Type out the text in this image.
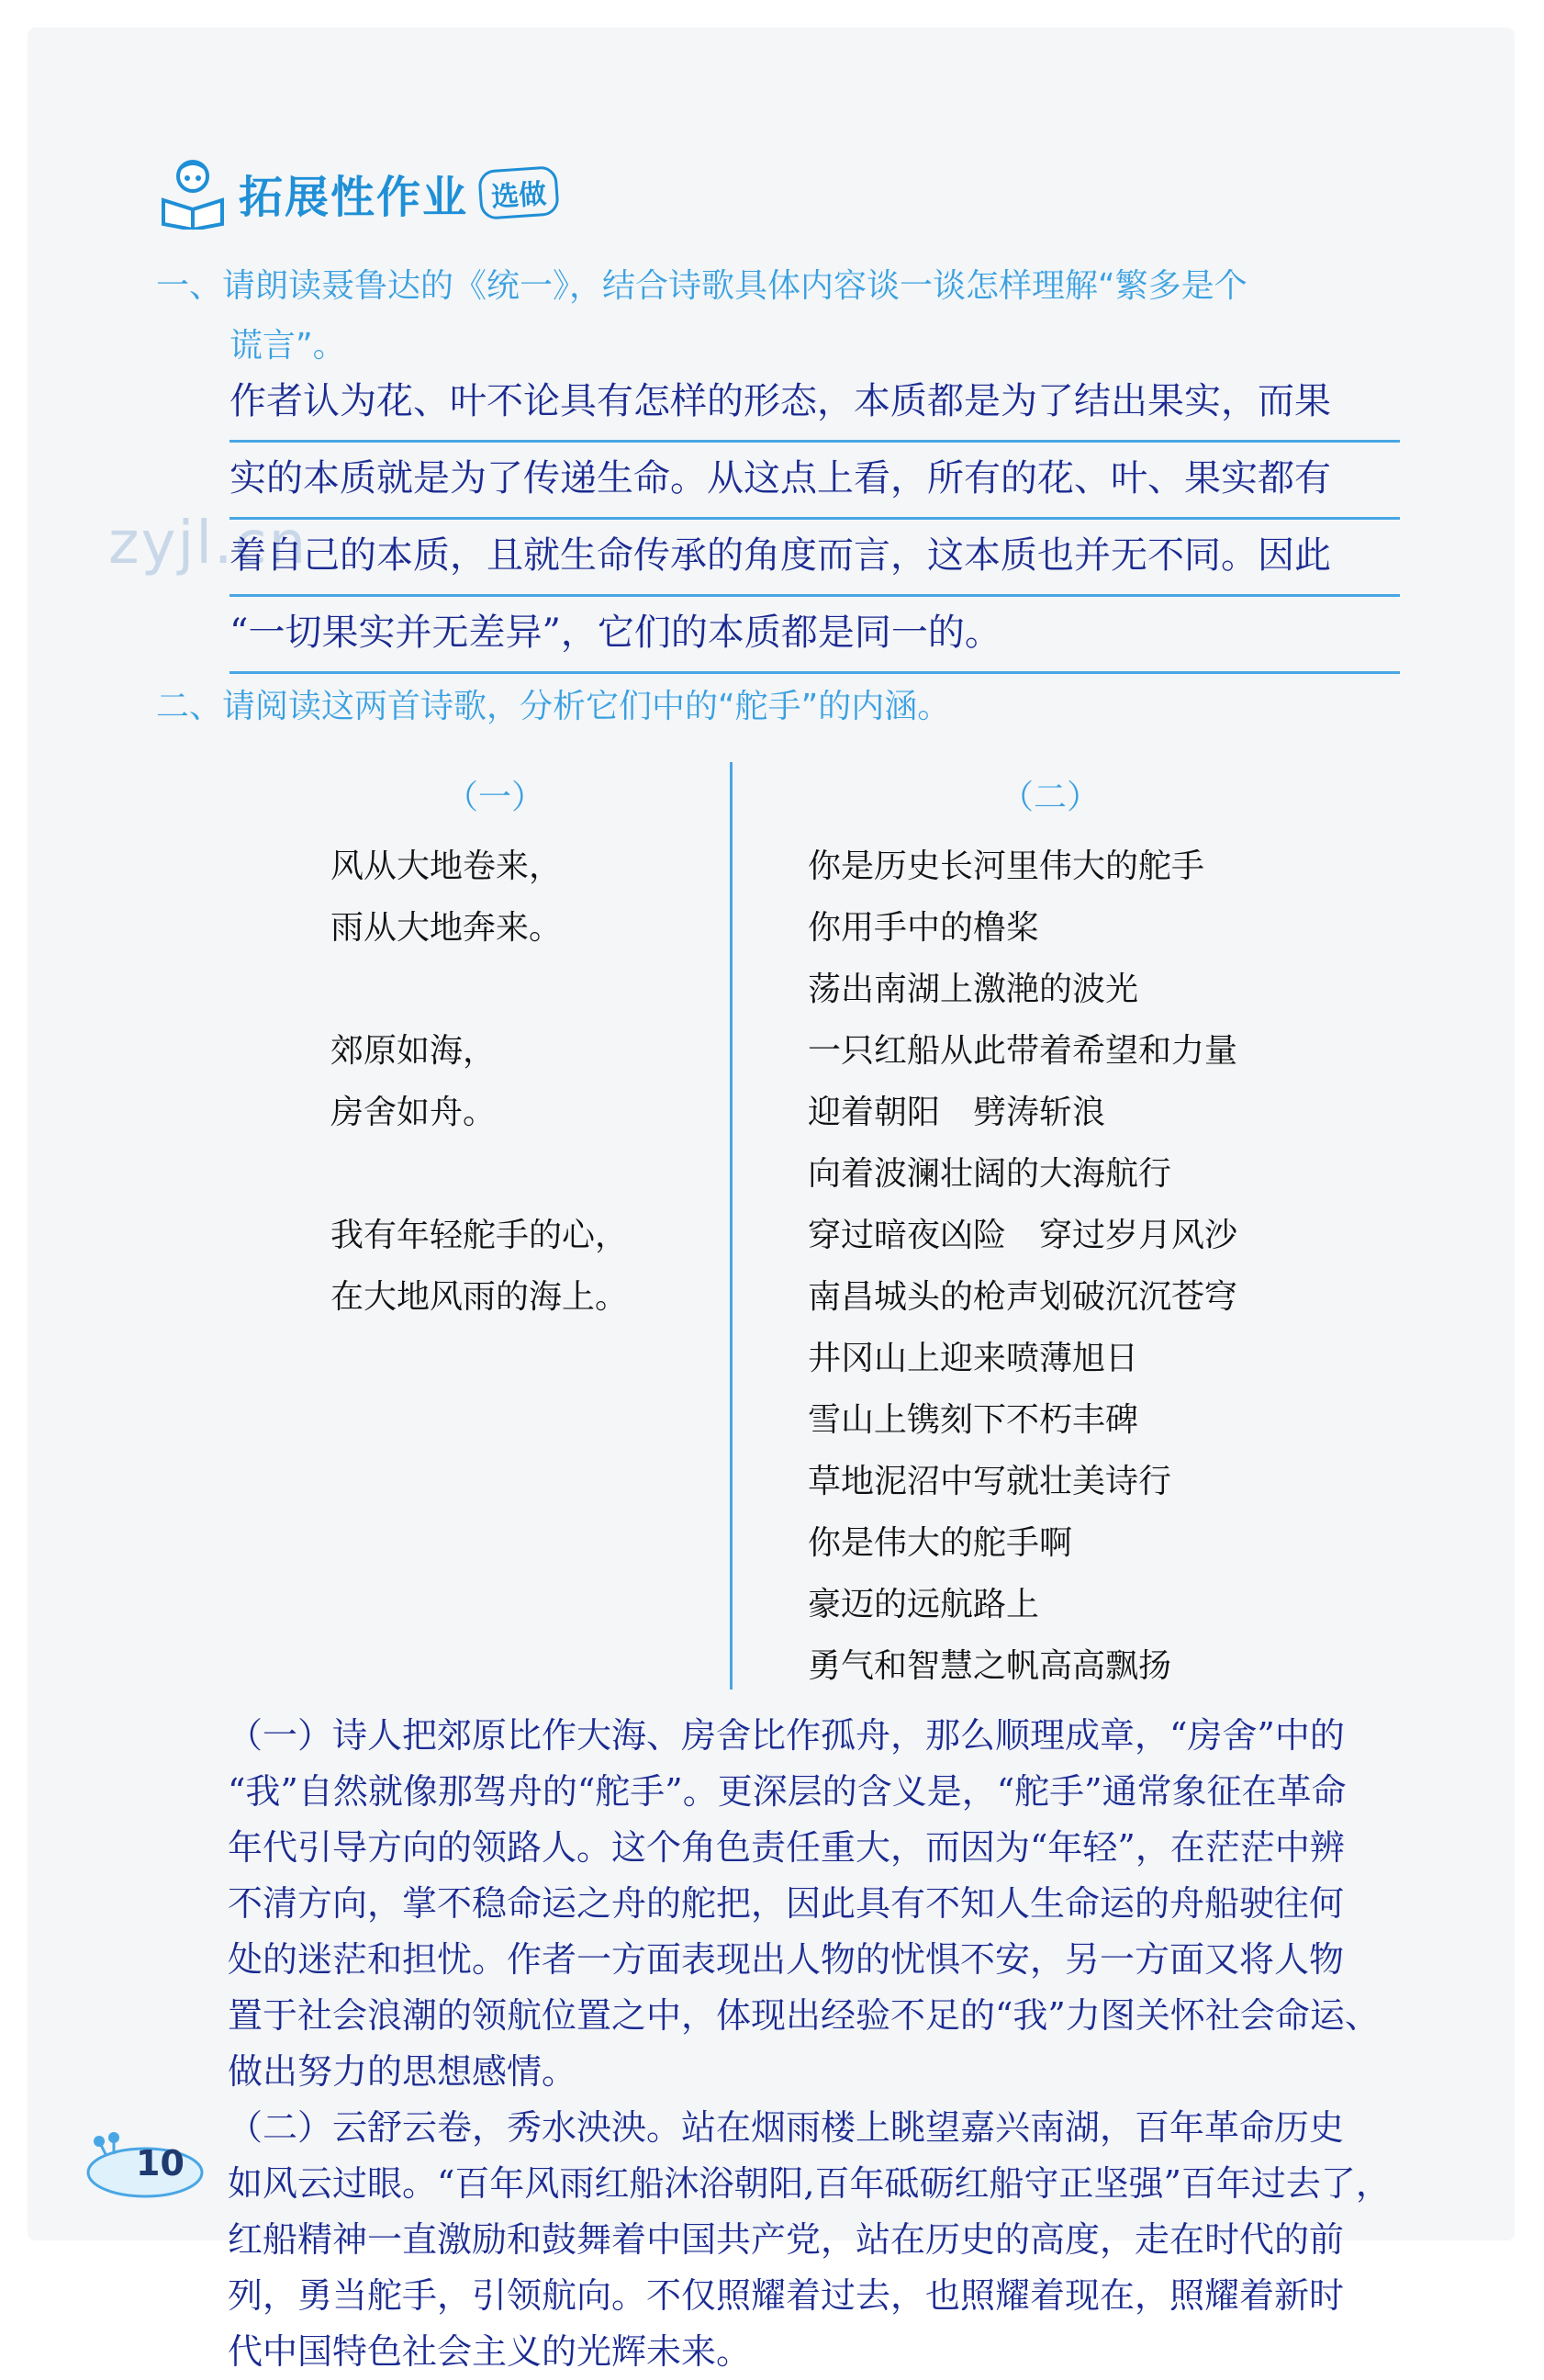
拓展性作业 选做
zyjl.cn
一、请朗读聂鲁达的《统一》，结合诗歌具体内容谈一谈怎样理解“繁多是个
谎言”。
作者认为花、叶不论具有怎样的形态，本质都是为了结出果实，而果
实的本质就是为了传递生命。从这点上看，所有的花、叶、果实都有
着自己的本质，且就生命传承的角度而言，这本质也并无不同。因此
“一切果实并无差异”，它们的本质都是同一的。
二、请阅读这两首诗歌，分析它们中的“舵手”的内涵。
（一）
风从大地卷来，
雨从大地奔来。
郊原如海，
房舍如舟。
我有年轻舵手的心，
在大地风雨的海上。
（二）
你是历史长河里伟大的舵手
你用手中的橹桨
荡出南湖上激滟的波光
一只红船从此带着希望和力量
迎着朝阳　劈涛斩浪
向着波澜壮阔的大海航行
穿过暗夜凶险　穿过岁月风沙
南昌城头的枪声划破沉沉苍穹
井冈山上迎来喷薄旭日
雪山上镌刻下不朽丰碑
草地泥沼中写就壮美诗行
你是伟大的舵手啊
豪迈的远航路上
勇气和智慧之帆高高飘扬
（一）诗人把郊原比作大海、房舍比作孤舟，那么顺理成章，“房舍”中的
“我”自然就像那驾舟的“舵手”。更深层的含义是，“舵手”通常象征在革命
年代引导方向的领路人。这个角色责任重大，而因为“年轻”，在茫茫中辨
不清方向，掌不稳命运之舟的舵把，因此具有不知人生命运的舟船驶往何
处的迷茫和担忧。作者一方面表现出人物的忧惧不安，另一方面又将人物
置于社会浪潮的领航位置之中，体现出经验不足的“我”力图关怀社会命运、
做出努力的思想感情。
（二）云舒云卷，秀水泱泱。站在烟雨楼上眺望嘉兴南湖，百年革命历史
如风云过眼。“百年风雨红船沐浴朝阳,百年砥砺红船守正坚强”百年过去了，
红船精神一直激励和鼓舞着中国共产党，站在历史的高度，走在时代的前
列，勇当舵手，引领航向。不仅照耀着过去，也照耀着现在，照耀着新时
代中国特色社会主义的光辉未来。
10
